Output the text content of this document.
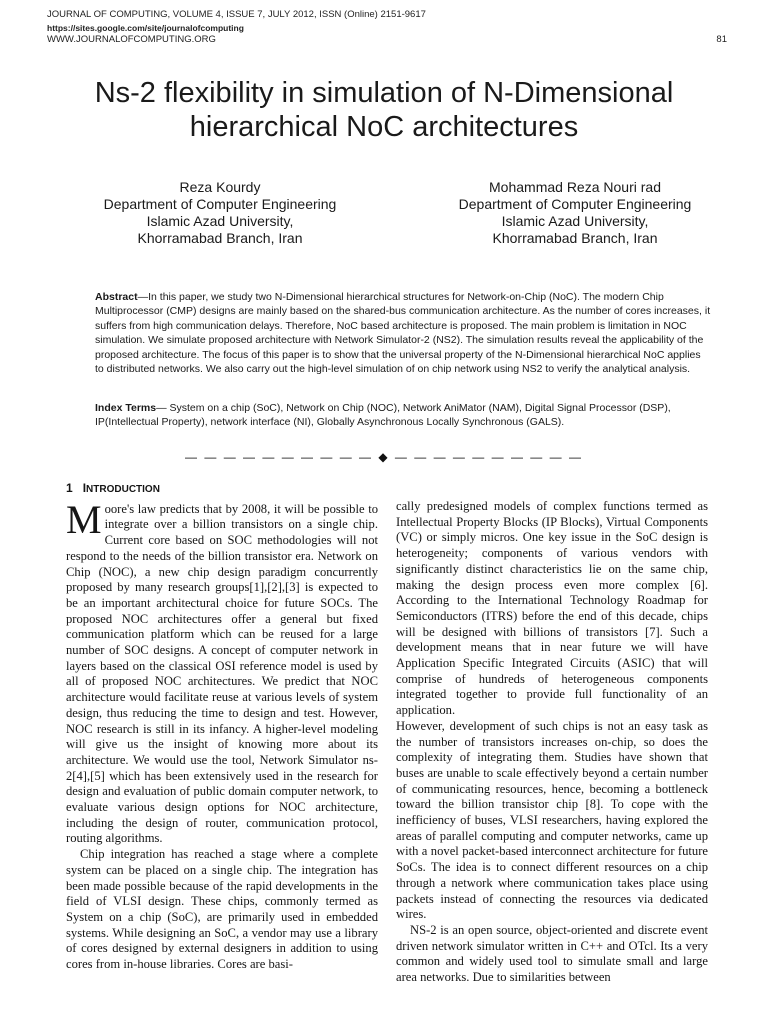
JOURNAL OF COMPUTING, VOLUME 4, ISSUE 7, JULY 2012, ISSN (Online) 2151-9617
https://sites.google.com/site/journalofcomputing
WWW.JOURNALOFCOMPUTING.ORG	81
Ns-2 flexibility in simulation of N-Dimensional
hierarchical NoC architectures
Reza Kourdy
Department of Computer Engineering
Islamic Azad University,
Khorramabad Branch, Iran
Mohammad Reza Nouri rad
Department of Computer Engineering
Islamic Azad University,
Khorramabad Branch, Iran
Abstract—In this paper, we study two N-Dimensional hierarchical structures for Network-on-Chip (NoC). The modern Chip Multiprocessor (CMP) designs are mainly based on the shared-bus communication architecture. As the number of cores increases, it suffers from high communication delays. Therefore, NoC based architecture is proposed. The main problem is limitation in NOC simulation. We simulate proposed architecture with Network Simulator-2 (NS2). The simulation results reveal the applicability of the proposed architecture. The focus of this paper is to show that the universal property of the N-Dimensional hierarchical NoC applies to distributed networks. We also carry out the high-level simulation of on chip network using NS2 to verify the analytical analysis.
Index Terms— System on a chip (SoC), Network on Chip (NOC), Network AniMator (NAM), Digital Signal Processor (DSP), IP(Intellectual Property), network interface (NI), Globally Asynchronous Locally Synchronous (GALS).
— — — — — — — — — — ◆ — — — — — — — — — —
1 INTRODUCTION

Moore's law predicts that by 2008, it will be possible to integrate over a billion transistors on a single chip. Current core based on SOC methodologies will not respond to the needs of the billion transistor era. Network on Chip (NOC), a new chip design paradigm concurrently proposed by many research groups[1],[2],[3] is expected to be an important architectural choice for future SOCs. The proposed NOC architectures offer a general but fixed communication platform which can be reused for a large number of SOC designs. A concept of computer network in layers based on the classical OSI reference model is used by all of proposed NOC architectures. We predict that NOC architecture would facilitate reuse at various levels of system design, thus reducing the time to design and test. However, NOC research is still in its infancy. A higher-level modeling will give us the insight of knowing more about its architecture. We would use the tool, Network Simulator ns-2[4],[5] which has been extensively used in the research for design and evaluation of public domain computer network, to evaluate various design options for NOC architecture, including the design of router, communication protocol, routing algorithms.

Chip integration has reached a stage where a complete system can be placed on a single chip. The integration has been made possible because of the rapid developments in the field of VLSI design. These chips, commonly termed as System on a chip (SoC), are primarily used in embedded systems. While designing an SoC, a vendor may use a library of cores designed by external designers in addition to using cores from in-house libraries. Cores are basi-

cally predesigned models of complex functions termed as Intellectual Property Blocks (IP Blocks), Virtual Components (VC) or simply micros. One key issue in the SoC design is heterogeneity; components of various vendors with significantly distinct characteristics lie on the same chip, making the design process even more complex [6]. According to the International Technology Roadmap for Semiconductors (ITRS) before the end of this decade, chips will be designed with billions of transistors [7]. Such a development means that in near future we will have Application Specific Integrated Circuits (ASIC) that will comprise of hundreds of heterogeneous components integrated together to provide full functionality of an application.

However, development of such chips is not an easy task as the number of transistors increases on-chip, so does the complexity of integrating them. Studies have shown that buses are unable to scale effectively beyond a certain number of communicating resources, hence, becoming a bottleneck toward the billion transistor chip [8]. To cope with the inefficiency of buses, VLSI researchers, having explored the areas of parallel computing and computer networks, came up with a novel packet-based interconnect architecture for future SoCs. The idea is to connect different resources on a chip through a network where communication takes place using packets instead of connecting the resources via dedicated wires.

NS-2 is an open source, object-oriented and discrete event driven network simulator written in C++ and OTcl. Its a very common and widely used tool to simulate small and large area networks. Due to similarities between
